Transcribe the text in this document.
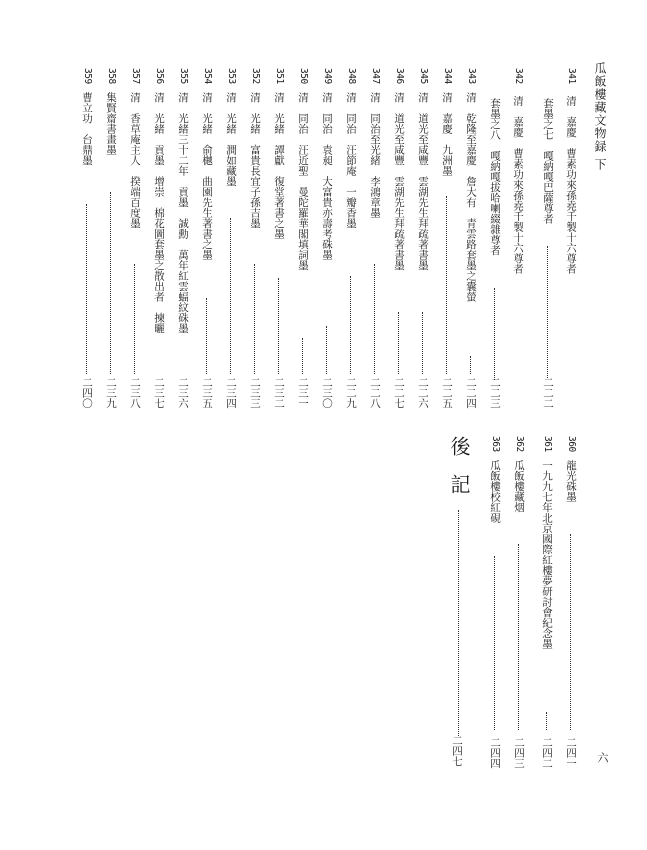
瓜飯樓藏文物録 下
六
341 清　嘉慶　曹素功來孫堯千製十六尊者
套墨之七　嘎納嘎巴薩尊者
二二二
342 清　嘉慶　曹素功來孫堯千製十六尊者
套墨之八　嘎納嘎拔哈喇綴雜尊者
二二三
343清　乾隆至嘉慶　詹大有　青雲路套墨之囊螢
二二四
344清　嘉慶　九洲墨
二二五
345清　道光至咸豐　雲湖先生拜疏著書墨
二二六
346清　道光至咸豐　雲湖先生拜疏著書墨
二二七
347清　同治至光緒　李鴻章墨
二二八
348清　同治　汪節庵　一瓣香墨
二二九
349清　同治　袁昶　大富貴亦壽考硃墨
二三〇
350清　同治　汪近聖　曼陀羅華閣填詞墨
二三一
351清　光緒　譚獻　復堂著書之墨
二三二
352清　光緒　富貴長宜子孫吉墨
二三三
353清　光緒　澗如藏墨
二三四
354清　光緒　俞樾　曲園先生著書之墨
二三五
355清　光緒三十二年　貢墨　誠勳　萬年紅雲蝠紋硃墨
二三六
356清　光緒　貢墨　增崇　棉花圖套墨之散出者　揀曬
二三七
357清　香草庵主人　揆端百度墨
二三八
358集賢齋書畫墨
二三九
359曹立功　台鼎墨
二四〇
360龍光硃墨
二四一
361一九九七年北京國際紅樓夢研討會紀念墨
二四二
362瓜飯樓藏烟
二四三
363瓜飯樓校紅硯
二四四
後記
二四七
